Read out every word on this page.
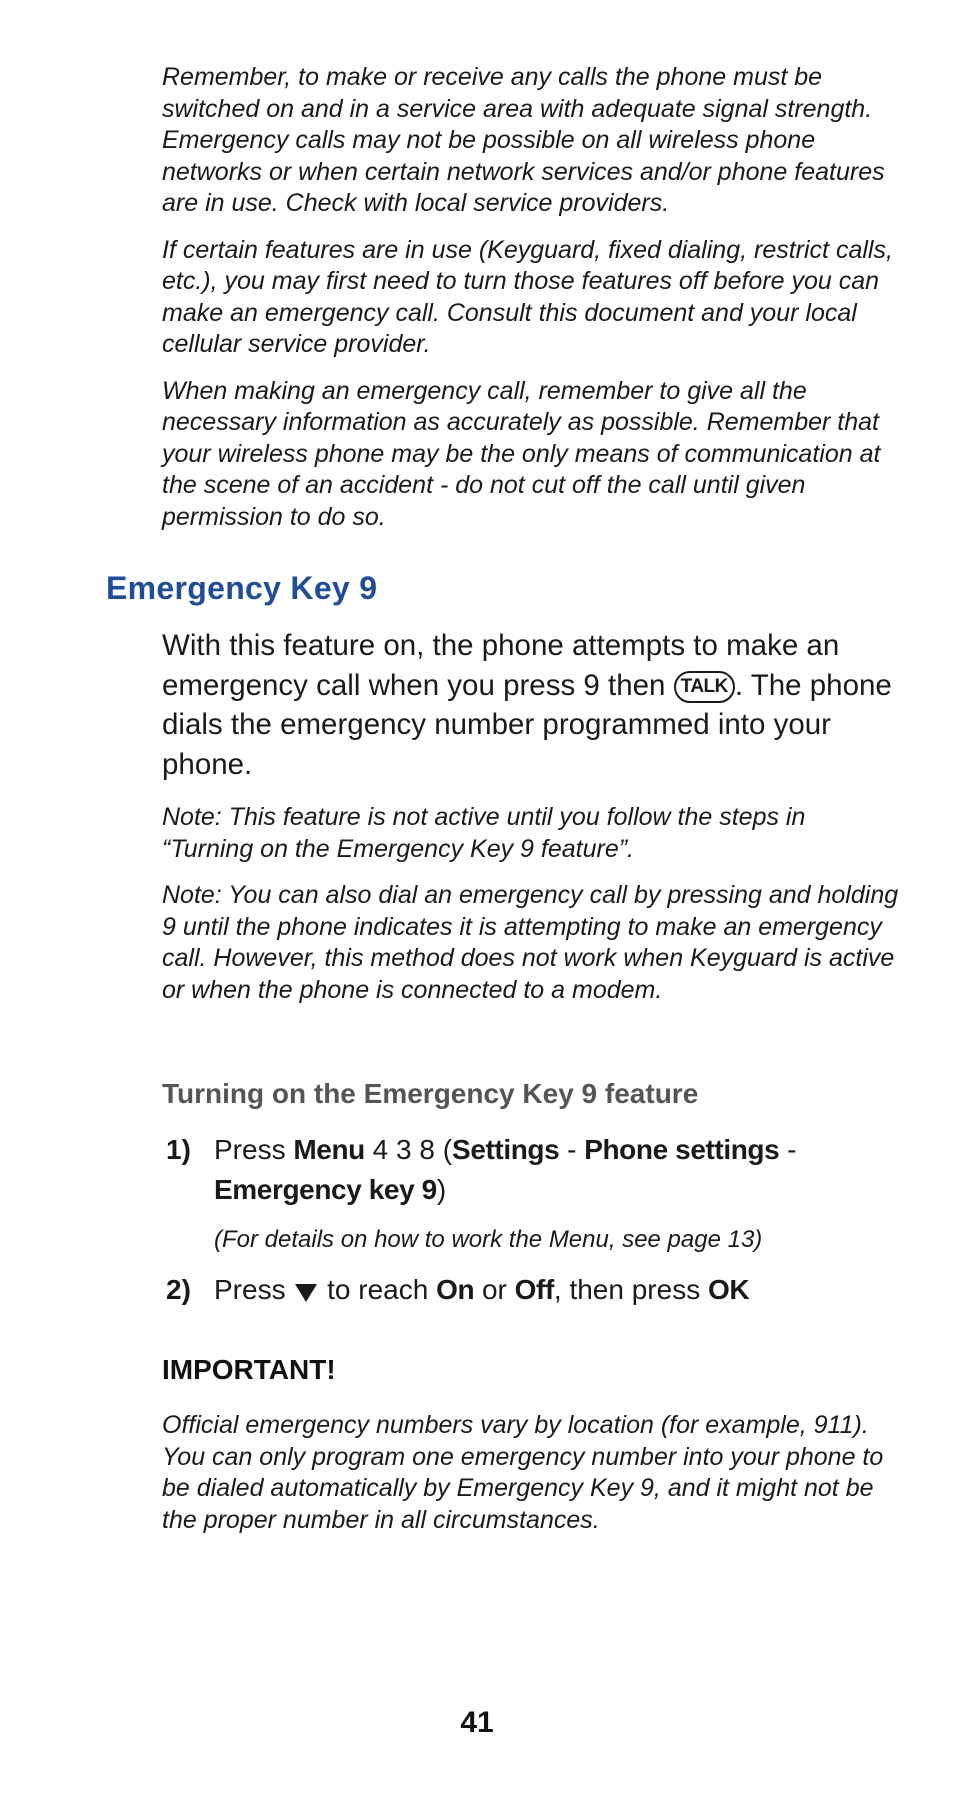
Remember, to make or receive any calls the phone must be switched on and in a service area with adequate signal strength. Emergency calls may not be possible on all wireless phone networks or when certain network services and/or phone features are in use. Check with local service providers.

If certain features are in use (Keyguard, fixed dialing, restrict calls, etc.), you may first need to turn those features off before you can make an emergency call. Consult this document and your local cellular service provider.

When making an emergency call, remember to give all the necessary information as accurately as possible. Remember that your wireless phone may be the only means of communication at the scene of an accident - do not cut off the call until given permission to do so.

Emergency Key 9

With this feature on, the phone attempts to make an emergency call when you press 9 then TALK . The phone dials the emergency number programmed into your phone.

Note: This feature is not active until you follow the steps in “Turning on the Emergency Key 9 feature”.

Note: You can also dial an emergency call by pressing and holding 9 until the phone indicates it is attempting to make an emergency call. However, this method does not work when Keyguard is active or when the phone is connected to a modem.

Turning on the Emergency Key 9 feature

1) Press Menu 4 3 8 (Settings - Phone settings - Emergency key 9)

(For details on how to work the Menu, see page 13)

2) Press  to reach On or Off, then press OK

IMPORTANT!

Official emergency numbers vary by location (for example, 911). You can only program one emergency number into your phone to be dialed automatically by Emergency Key 9, and it might not be the proper number in all circumstances.

41
